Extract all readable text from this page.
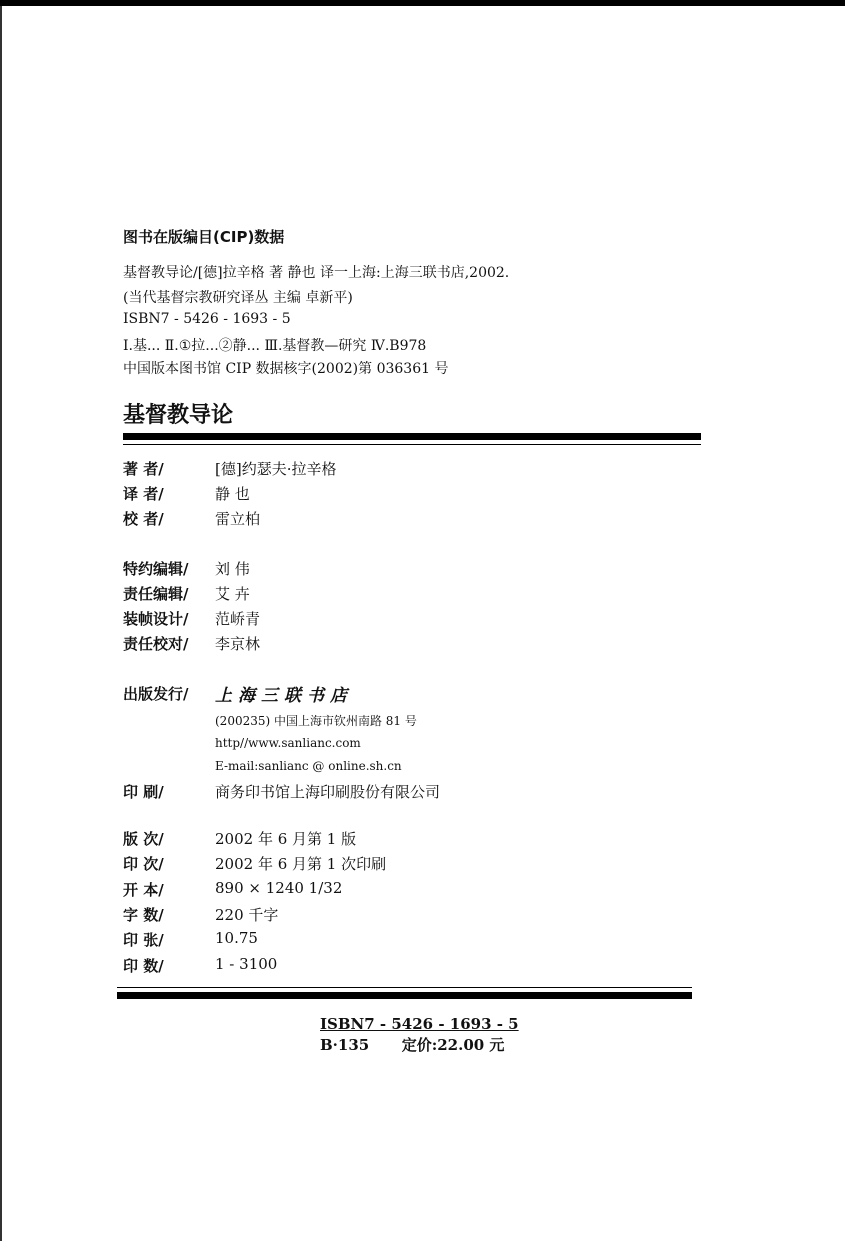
图书在版编目(CIP)数据
基督教导论/[德]拉辛格 著 静也 译一上海:上海三联书店,2002.
(当代基督宗教研究译丛 主编 卓新平)
ISBN7 - 5426 - 1693 - 5
Ⅰ.基... Ⅱ.①拉...②静... Ⅲ.基督教—研究 Ⅳ.B978
中国版本图书馆 CIP 数据核字(2002)第 036361 号
基督教导论
著 者/	[德]约瑟夫·拉辛格
译 者/	静 也
校 者/	雷立柏
特约编辑/ 刘 伟
责任编辑/ 艾 卉
装帧设计/ 范峤青
责任校对/ 李京林
出版发行/ 上海三联书店
(200235) 中国上海市钦州南路 81 号
http//www.sanlianc.com
E-mail:sanlianc @ online.sh.cn
印 刷/	商务印书馆上海印刷股份有限公司
版 次/	2002 年 6 月第 1 版
印 次/	2002 年 6 月第 1 次印刷
开 本/	890 × 1240 1/32
字 数/	220 千字
印 张/	10.75
印 数/	1 - 3100
ISBN7 - 5426 - 1693 - 5
B·135 定价:22.00 元
